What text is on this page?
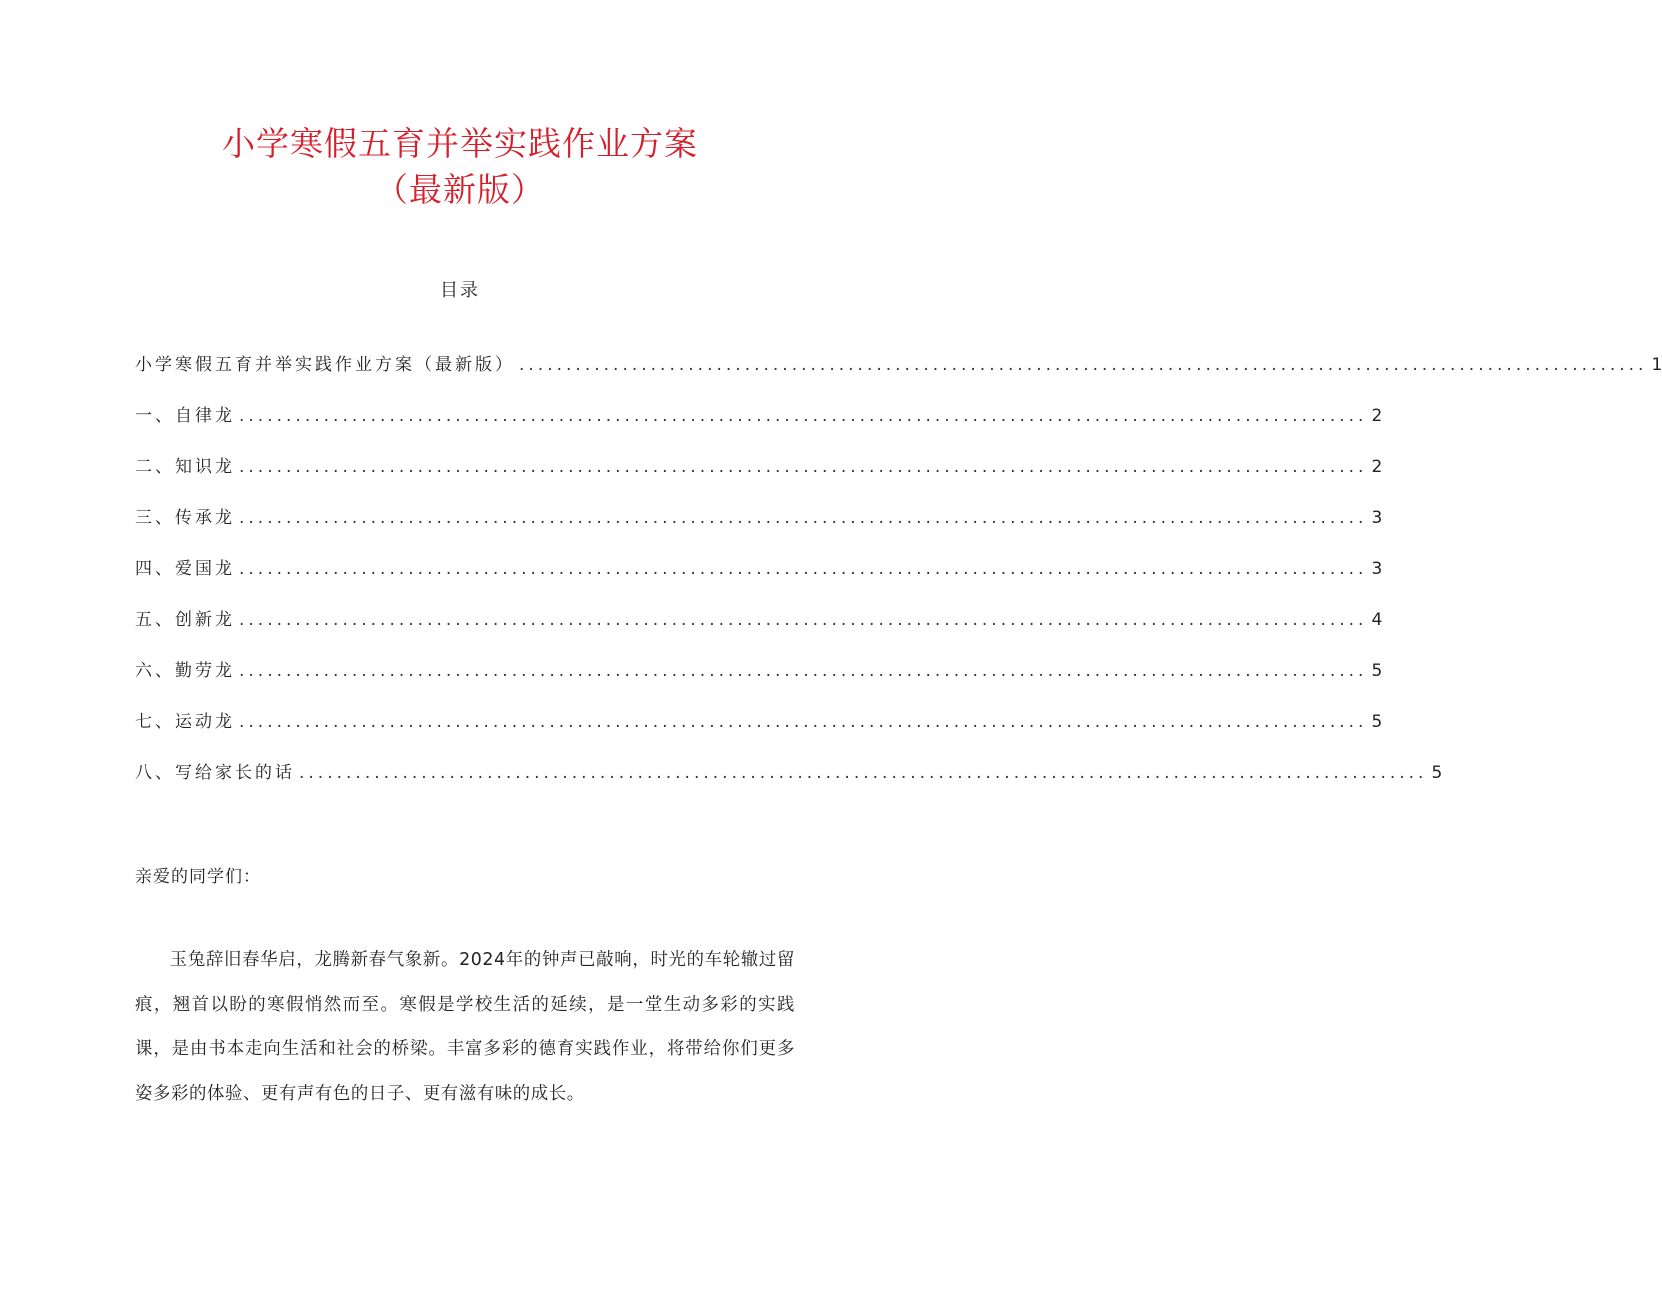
小学寒假五育并举实践作业方案
（最新版）
目录
小学寒假五育并举实践作业方案（最新版） ........................................................................................................................ 1
一、自律龙 ........................................................................................................................ 2
二、知识龙 ........................................................................................................................ 2
三、传承龙 ........................................................................................................................ 3
四、爱国龙 ........................................................................................................................ 3
五、创新龙 ........................................................................................................................ 4
六、勤劳龙 ........................................................................................................................ 5
七、运动龙 ........................................................................................................................ 5
八、写给家长的话 ........................................................................................................................ 5
亲爱的同学们：
玉兔辞旧春华启，龙腾新春气象新。2024年的钟声已敲响，时光的车轮辙过留痕，翘首以盼的寒假悄然而至。寒假是学校生活的延续，是一堂生动多彩的实践课，是由书本走向生活和社会的桥梁。丰富多彩的德育实践作业，将带给你们更多姿多彩的体验、更有声有色的日子、更有滋有味的成长。
